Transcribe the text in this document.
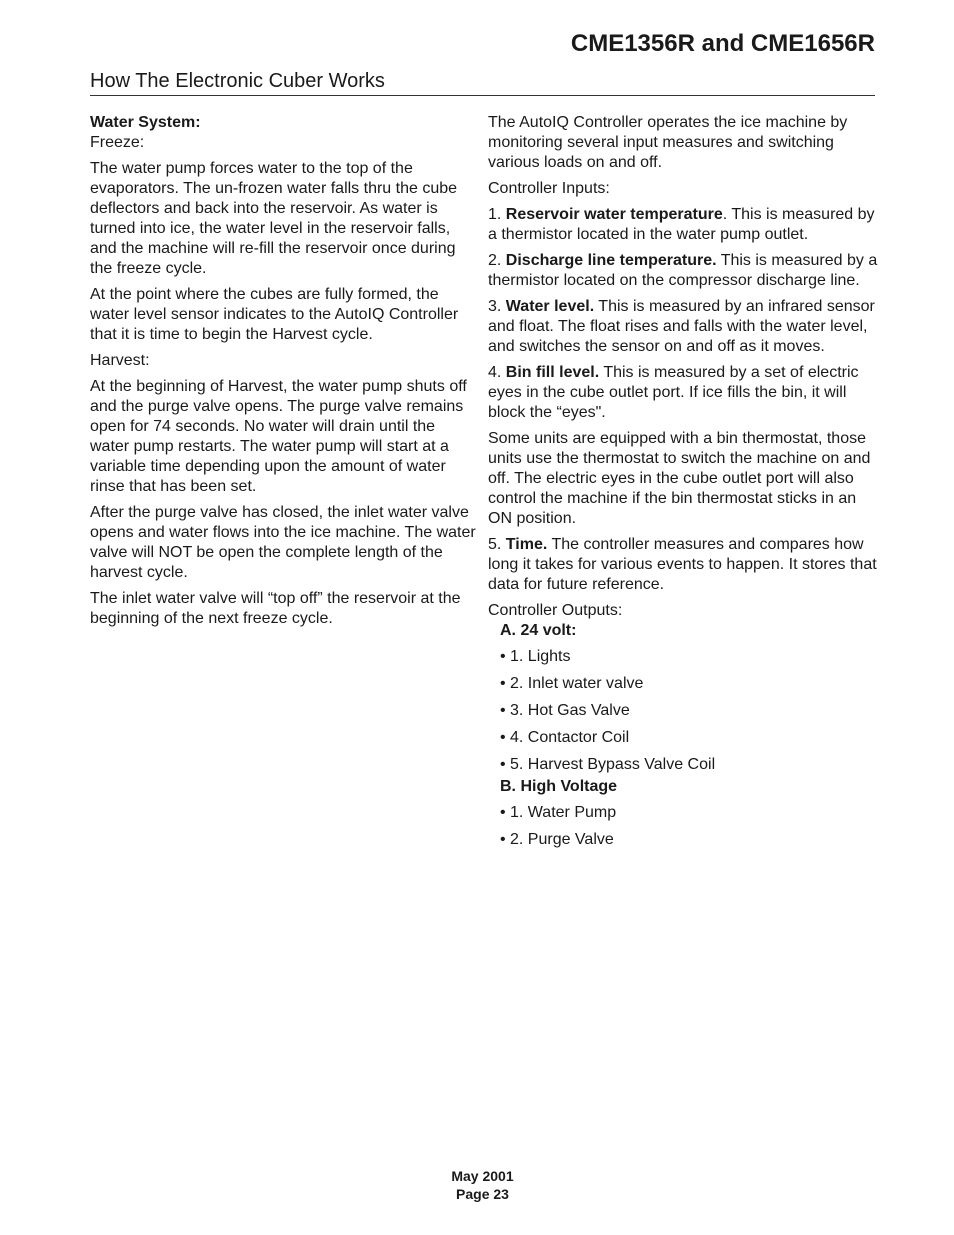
CME1356R and CME1656R
How The Electronic Cuber Works

Water System:

Freeze:

The water pump forces water to the top of the evaporators. The un-frozen water falls thru the cube deflectors and back into the reservoir. As water is turned into ice, the water level in the reservoir falls, and the machine will re-fill the reservoir once during the freeze cycle.

At the point where the cubes are fully formed, the water level sensor indicates to the AutoIQ Controller that it is time to begin the Harvest cycle.

Harvest:

At the beginning of Harvest, the water pump shuts off and the purge valve opens. The purge valve remains open for 74 seconds. No water will drain until the water pump restarts. The water pump will start at a variable time depending upon the amount of water rinse that has been set.

After the purge valve has closed, the inlet water valve opens and water flows into the ice machine. The water valve will NOT be open the complete length of the harvest cycle.

The inlet water valve will “top off” the reservoir at the beginning of the next freeze cycle.

The AutoIQ Controller operates the ice machine by monitoring several input measures and switching various loads on and off.

Controller Inputs:

1. Reservoir water temperature. This is measured by a thermistor located in the water pump outlet.

2. Discharge line temperature. This is measured by a thermistor located on the compressor discharge line.

3. Water level. This is measured by an infrared sensor and float. The float rises and falls with the water level, and switches the sensor on and off as it moves.

4. Bin fill level. This is measured by a set of electric eyes in the cube outlet port. If ice fills the bin, it will block the “eyes".

Some units are equipped with a bin thermostat, those units use the thermostat to switch the machine on and off. The electric eyes in the cube outlet port will also control the machine if the bin thermostat sticks in an ON position.

5. Time. The controller measures and compares how long it takes for various events to happen. It stores that data for future reference.

Controller Outputs:

A. 24 volt:
• 1. Lights
• 2. Inlet water valve
• 3. Hot Gas Valve
• 4. Contactor Coil
• 5. Harvest Bypass Valve Coil
B. High Voltage
• 1. Water Pump
• 2. Purge Valve
May 2001
Page 23
